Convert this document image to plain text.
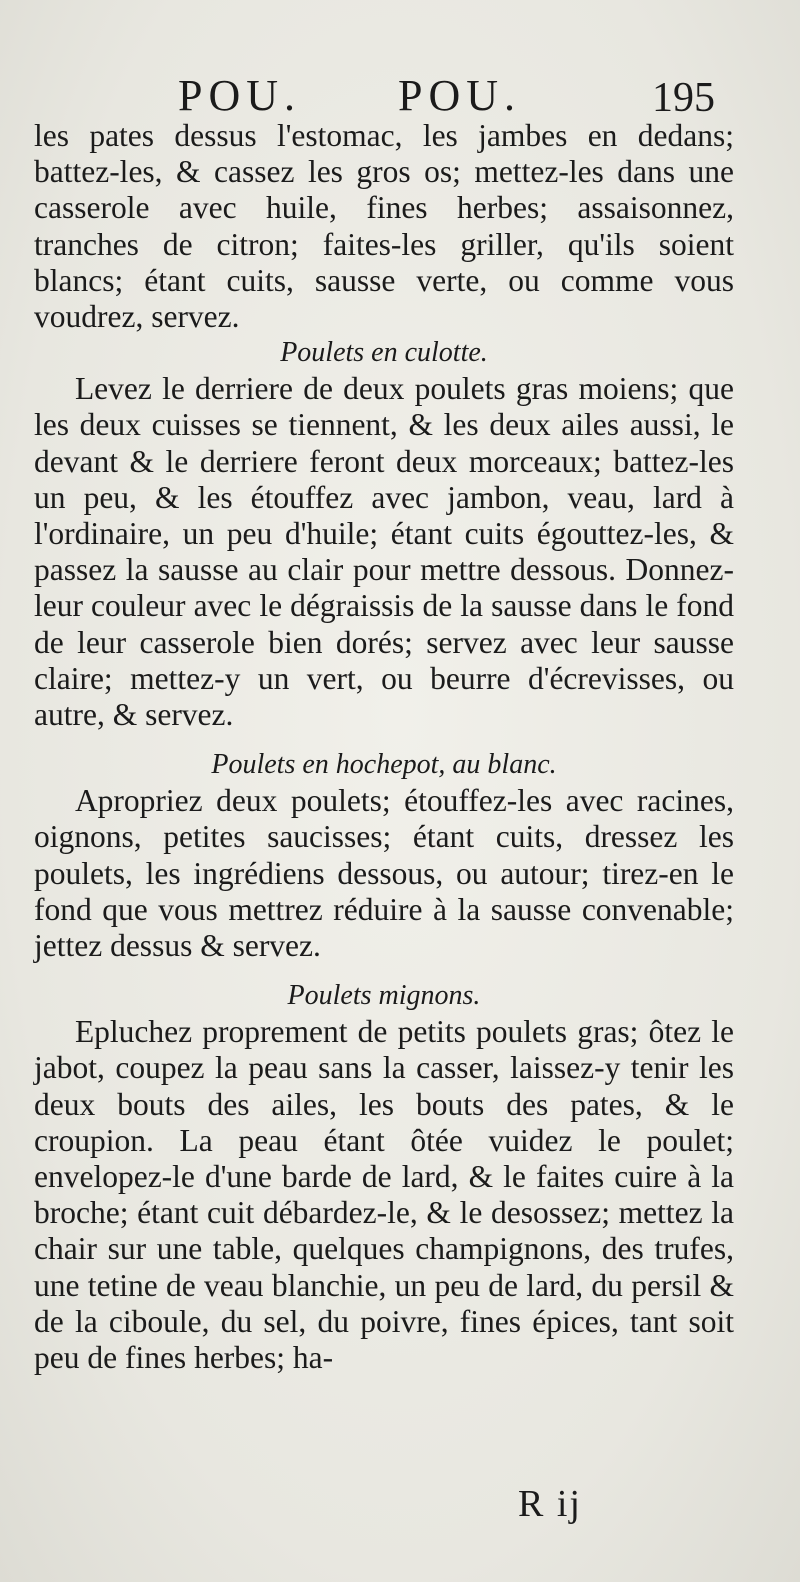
POU. POU.	195

les pates dessus l'estomac, les jambes en dedans; battez-les, & cassez les gros os; mettez-les dans une casserole avec huile, fines herbes; assaisonnez, tranches de citron; faites-les griller, qu'ils soient blancs; étant cuits, sausse verte, ou comme vous voudrez, servez.

Poulets en culotte.

Levez le derriere de deux poulets gras moiens; que les deux cuisses se tiennent, & les deux ailes aussi, le devant & le derriere feront deux morceaux; battez-les un peu, & les étouffez avec jambon, veau, lard à l'ordinaire, un peu d'huile; étant cuits égouttez-les, & passez la sausse au clair pour mettre dessous. Donnez-leur couleur avec le dégraissis de la sausse dans le fond de leur casserole bien dorés; servez avec leur sausse claire; mettez-y un vert, ou beurre d'écrevisses, ou autre, & servez.

Poulets en hochepot, au blanc.

Apropriez deux poulets; étouffez-les avec racines, oignons, petites saucisses; étant cuits, dressez les poulets, les ingrédiens dessous, ou autour; tirez-en le fond que vous mettrez réduire à la sausse convenable; jettez dessus & servez.

Poulets mignons.

Epluchez proprement de petits poulets gras; ôtez le jabot, coupez la peau sans la casser, laissez-y tenir les deux bouts des ailes, les bouts des pates, & le croupion. La peau étant ôtée vuidez le poulet; envelopez-le d'une barde de lard, & le faites cuire à la broche; étant cuit débardez-le, & le desossez; mettez la chair sur une table, quelques champignons, des trufes, une tetine de veau blanchie, un peu de lard, du persil & de la ciboule, du sel, du poivre, fines épices, tant soit peu de fines herbes; ha-

R ij
